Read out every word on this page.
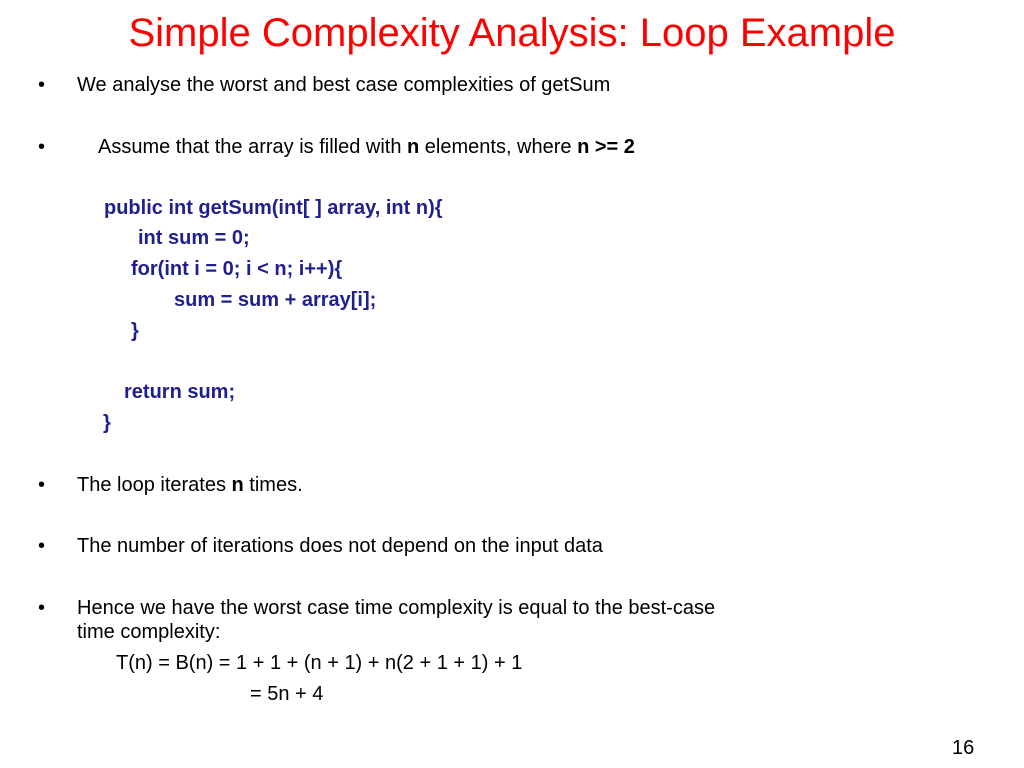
Simple Complexity Analysis: Loop Example
• We analyse the worst and best case complexities of getSum
•	Assume that the array is filled with n elements, where n >= 2
public int getSum(int[ ] array, int n){
int sum = 0;
for(int i = 0; i < n; i++){
sum = sum + array[i];
}
return sum;
}
• The loop iterates n times.
• The number of iterations does not depend on the input data
• Hence we have the worst case time complexity is equal to the best-case
time complexity:
T(n) = B(n) = 1 + 1 + (n + 1) + n(2 + 1 + 1) + 1
= 5n + 4
16
